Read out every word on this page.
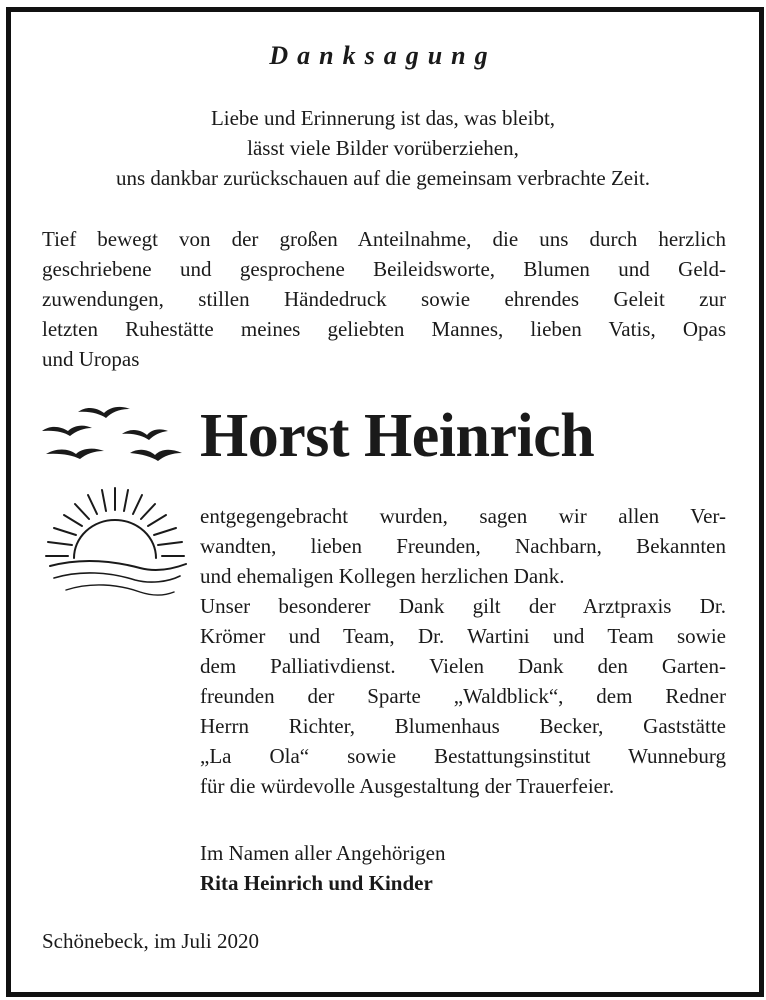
Danksagung
Liebe und Erinnerung ist das, was bleibt,
lässt viele Bilder vorüberziehen,
uns dankbar zurückschauen auf die gemeinsam verbrachte Zeit.
Tief bewegt von der großen Anteilnahme, die uns durch herzlich
geschriebene und gesprochene Beileidsworte, Blumen und Geld-
zuwendungen, stillen Händedruck sowie ehrendes Geleit zur
letzten Ruhestätte meines geliebten Mannes, lieben Vatis, Opas
und Uropas
Horst Heinrich
entgegengebracht wurden, sagen wir allen Ver-
wandten, lieben Freunden, Nachbarn, Bekannten
und ehemaligen Kollegen herzlichen Dank.
Unser besonderer Dank gilt der Arztpraxis Dr.
Krömer und Team, Dr. Wartini und Team sowie
dem Palliativdienst. Vielen Dank den Garten-
freunden der Sparte „Waldblick“, dem Redner
Herrn Richter, Blumenhaus Becker, Gaststätte
„La Ola“ sowie Bestattungsinstitut Wunneburg
für die würdevolle Ausgestaltung der Trauerfeier.
Im Namen aller Angehörigen
Rita Heinrich und Kinder
Schönebeck, im Juli 2020
